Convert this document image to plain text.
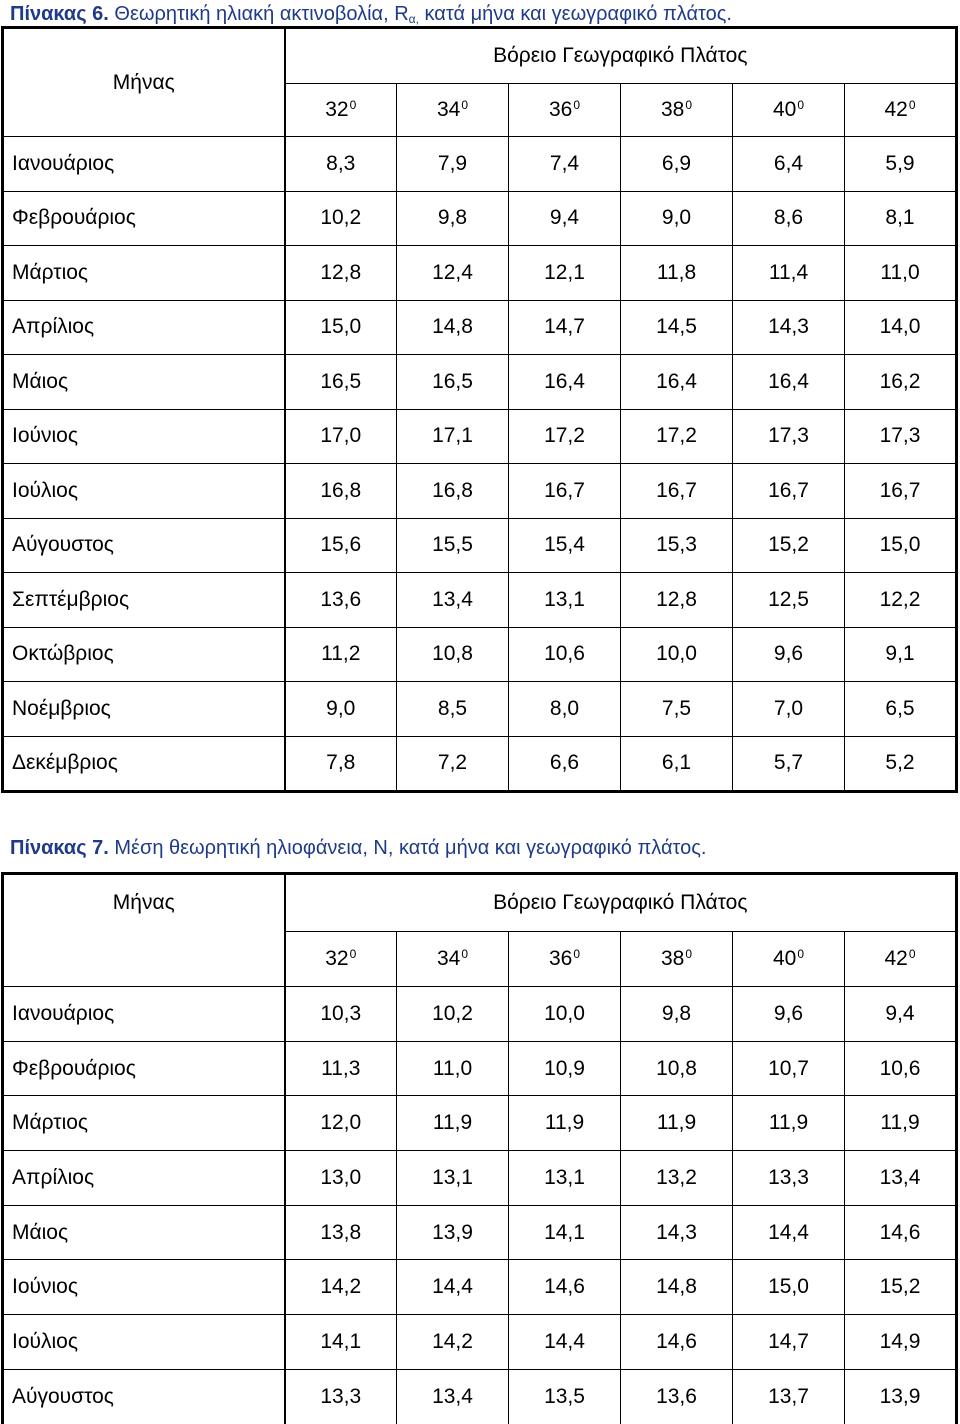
Πίνακας 6. Θεωρητική ηλιακή ακτινοβολία, $R_{\alpha,}$ κατά μήνα και γεωγραφικό πλάτος.
Μήνας	Βόρειο Γεωγραφικό Πλάτος					
	$32^0$	$34^0$	$36^0$	$38^0$	$40^0$	$42^0$
Ιανουάριος	8,3	7,9	7,4	6,9	6,4	5,9
Φεβρουάριος	10,2	9,8	9,4	9,0	8,6	8,1
Μάρτιος	12,8	12,4	12,1	11,8	11,4	11,0
Απρίλιος	15,0	14,8	14,7	14,5	14,3	14,0
Μάιος	16,5	16,5	16,4	16,4	16,4	16,2
Ιούνιος	17,0	17,1	17,2	17,2	17,3	17,3
Ιούλιος	16,8	16,8	16,7	16,7	16,7	16,7
Αύγουστος	15,6	15,5	15,4	15,3	15,2	15,0
Σεπτέμβριος	13,6	13,4	13,1	12,8	12,5	12,2
Οκτώβριος	11,2	10,8	10,6	10,0	9,6	9,1
Νοέμβριος	9,0	8,5	8,0	7,5	7,0	6,5
Δεκέμβριος	7,8	7,2	6,6	6,1	5,7	5,2
Πίνακας 7. Μέση θεωρητική ηλιοφάνεια, Ν, κατά μήνα και γεωγραφικό πλάτος.
Μήνας	Βόρειο Γεωγραφικό Πλάτος					
	$32^0$	$34^0$	$36^0$	$38^0$	$40^0$	$42^0$
Ιανουάριος	10,3	10,2	10,0	9,8	9,6	9,4
Φεβρουάριος	11,3	11,0	10,9	10,8	10,7	10,6
Μάρτιος	12,0	11,9	11,9	11,9	11,9	11,9
Απρίλιος	13,0	13,1	13,1	13,2	13,3	13,4
Μάιος	13,8	13,9	14,1	14,3	14,4	14,6
Ιούνιος	14,2	14,4	14,6	14,8	15,0	15,2
Ιούλιος	14,1	14,2	14,4	14,6	14,7	14,9
Αύγουστος	13,3	13,4	13,5	13,6	13,7	13,9
